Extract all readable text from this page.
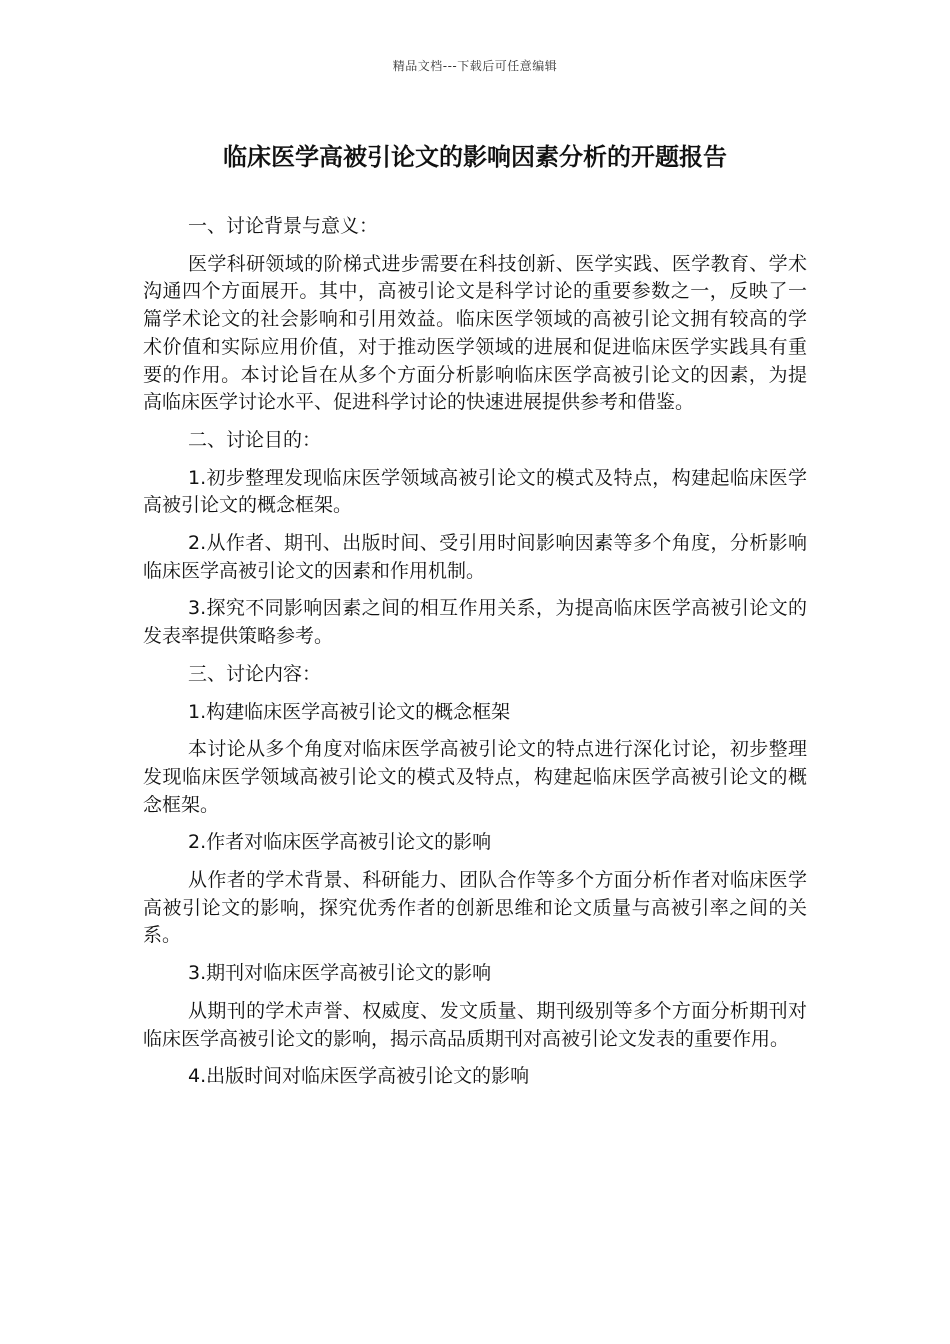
精品文档---下载后可任意编辑
临床医学高被引论文的影响因素分析的开题报告

一、讨论背景与意义：

医学科研领域的阶梯式进步需要在科技创新、医学实践、医学教育、学术沟通四个方面展开。其中，高被引论文是科学讨论的重要参数之一，反映了一篇学术论文的社会影响和引用效益。临床医学领域的高被引论文拥有较高的学术价值和实际应用价值，对于推动医学领域的进展和促进临床医学实践具有重要的作用。本讨论旨在从多个方面分析影响临床医学高被引论文的因素，为提高临床医学讨论水平、促进科学讨论的快速进展提供参考和借鉴。

二、讨论目的：

1.初步整理发现临床医学领域高被引论文的模式及特点，构建起临床医学高被引论文的概念框架。

2.从作者、期刊、出版时间、受引用时间影响因素等多个角度，分析影响临床医学高被引论文的因素和作用机制。

3.探究不同影响因素之间的相互作用关系，为提高临床医学高被引论文的发表率提供策略参考。

三、讨论内容：

1.构建临床医学高被引论文的概念框架

本讨论从多个角度对临床医学高被引论文的特点进行深化讨论，初步整理发现临床医学领域高被引论文的模式及特点，构建起临床医学高被引论文的概念框架。

2.作者对临床医学高被引论文的影响

从作者的学术背景、科研能力、团队合作等多个方面分析作者对临床医学高被引论文的影响，探究优秀作者的创新思维和论文质量与高被引率之间的关系。

3.期刊对临床医学高被引论文的影响

从期刊的学术声誉、权威度、发文质量、期刊级别等多个方面分析期刊对临床医学高被引论文的影响，揭示高品质期刊对高被引论文发表的重要作用。

4.出版时间对临床医学高被引论文的影响
